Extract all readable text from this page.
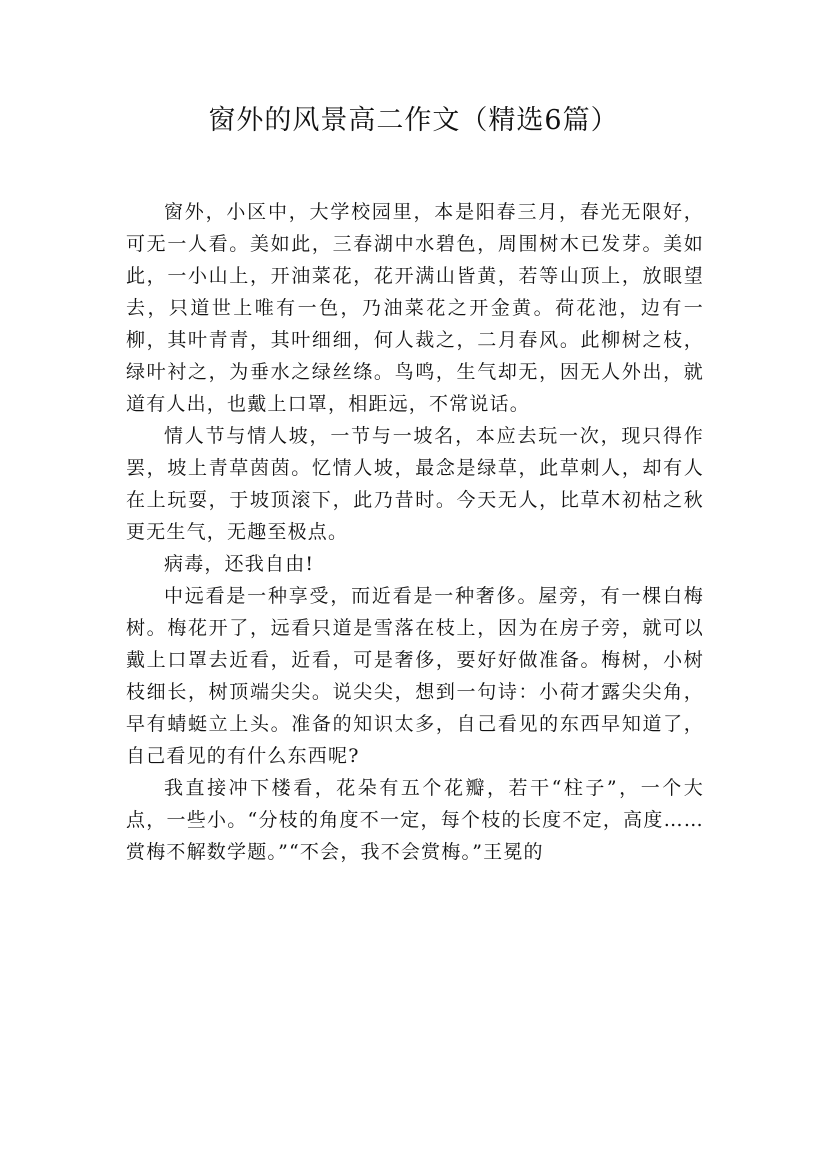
窗外的风景高二作文（精选6篇）

窗外，小区中，大学校园里，本是阳春三月，春光无限好，可无一人看。美如此，三春湖中水碧色，周围树木已发芽。美如此，一小山上，开油菜花，花开满山皆黄，若等山顶上，放眼望去，只道世上唯有一色，乃油菜花之开金黄。荷花池，边有一柳，其叶青青，其叶细细，何人裁之，二月春风。此柳树之枝，绿叶衬之，为垂水之绿丝绦。鸟鸣，生气却无，因无人外出，就道有人出，也戴上口罩，相距远，不常说话。

情人节与情人坡，一节与一坡名，本应去玩一次，现只得作罢，坡上青草茵茵。忆情人坡，最念是绿草，此草刺人，却有人在上玩耍，于坡顶滚下，此乃昔时。今天无人，比草木初枯之秋更无生气，无趣至极点。

病毒，还我自由!

中远看是一种享受，而近看是一种奢侈。屋旁，有一棵白梅树。梅花开了，远看只道是雪落在枝上，因为在房子旁，就可以戴上口罩去近看，近看，可是奢侈，要好好做准备。梅树，小树枝细长，树顶端尖尖。说尖尖，想到一句诗：小荷才露尖尖角，早有蜻蜓立上头。准备的知识太多，自己看见的东西早知道了，自己看见的有什么东西呢?

我直接冲下楼看，花朵有五个花瓣，若干“柱子”，一个大点，一些小。“分枝的角度不一定，每个枝的长度不定，高度……赏梅不解数学题。”“不会，我不会赏梅。”王冕的
